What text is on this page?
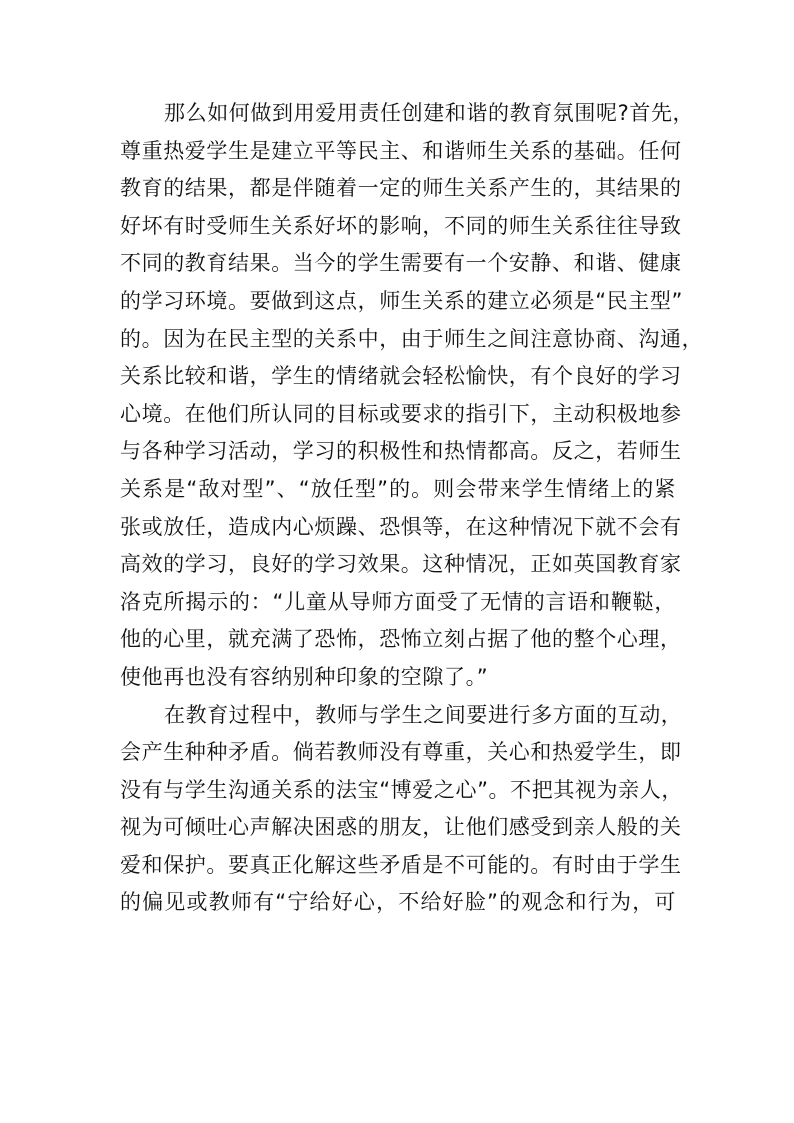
那么如何做到用爱用责任创建和谐的教育氛围呢?首先，
尊重热爱学生是建立平等民主、和谐师生关系的基础。任何
教育的结果，都是伴随着一定的师生关系产生的，其结果的
好坏有时受师生关系好坏的影响，不同的师生关系往往导致
不同的教育结果。当今的学生需要有一个安静、和谐、健康
的学习环境。要做到这点，师生关系的建立必须是“民主型”
的。因为在民主型的关系中，由于师生之间注意协商、沟通，
关系比较和谐，学生的情绪就会轻松愉快，有个良好的学习
心境。在他们所认同的目标或要求的指引下，主动积极地参
与各种学习活动，学习的积极性和热情都高。反之，若师生
关系是“敌对型”、“放任型”的。则会带来学生情绪上的紧
张或放任，造成内心烦躁、恐惧等，在这种情况下就不会有
高效的学习，良好的学习效果。这种情况，正如英国教育家
洛克所揭示的：“儿童从导师方面受了无情的言语和鞭鞑，
他的心里，就充满了恐怖，恐怖立刻占据了他的整个心理，
使他再也没有容纳别种印象的空隙了。”
在教育过程中，教师与学生之间要进行多方面的互动，
会产生种种矛盾。倘若教师没有尊重，关心和热爱学生，即
没有与学生沟通关系的法宝“博爱之心”。不把其视为亲人，
视为可倾吐心声解决困惑的朋友，让他们感受到亲人般的关
爱和保护。要真正化解这些矛盾是不可能的。有时由于学生
的偏见或教师有“宁给好心，不给好脸”的观念和行为，可
